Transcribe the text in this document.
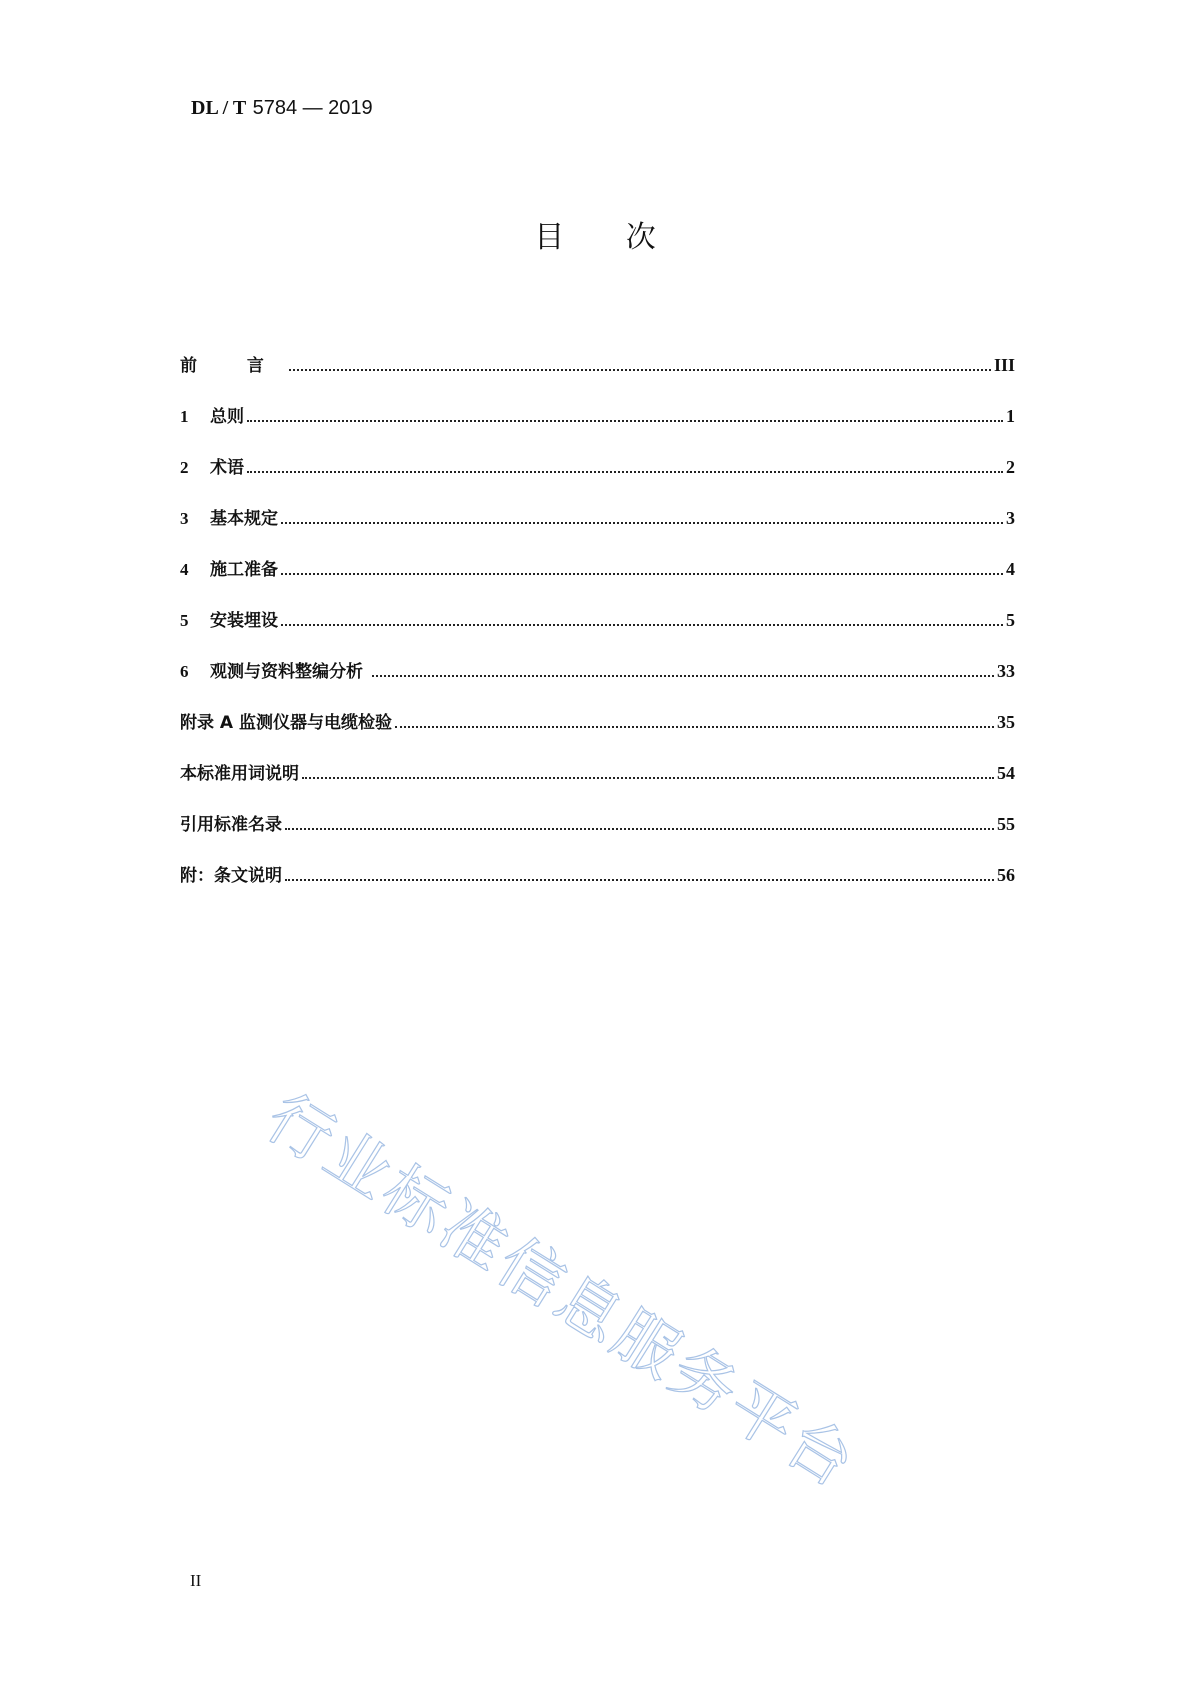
DL / T 5784 — 2019
目 次
前 言	III
1	总则	1
2	术语	2
3	基本规定	3
4	施工准备	4
5	安装埋设	5
6	观测与资料整编分析	33
附录 A 监测仪器与电缆检验	35
本标准用词说明	54
引用标准名录	55
附：条文说明	56
行业标准信息服务平台
II
